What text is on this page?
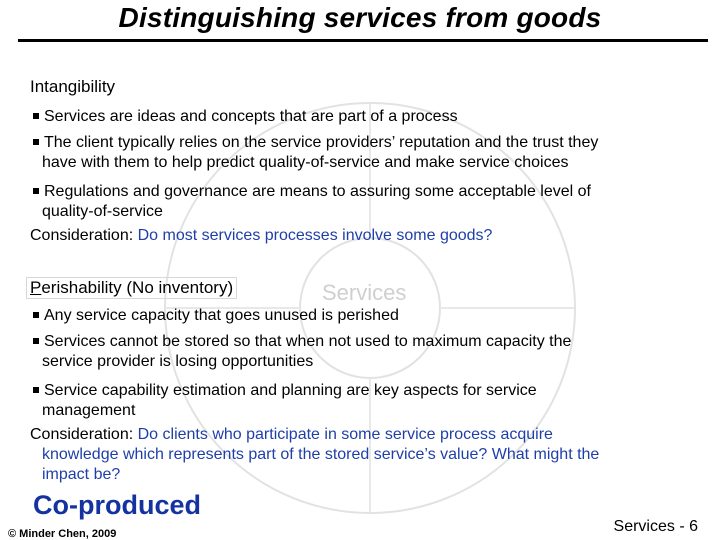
Distinguishing services from goods
Services
Intangibility
Services are ideas and concepts that are part of a process
The client typically relies on the service providers’ reputation and the trust they
have with them to help predict quality-of-service and make service choices
Regulations and governance are means to assuring some acceptable level of
quality-of-service
Consideration: Do most services processes involve some goods?
Perishability (No inventory)
Any service capacity that goes unused is perished
Services cannot be stored so that when not used to maximum capacity the
service provider is losing opportunities
Service capability estimation and planning are key aspects for service
management
Consideration: Do clients who participate in some service process acquire
knowledge which represents part of the stored service’s value? What might the
impact be?
Co-produced
© Minder Chen, 2009	Services - 6
